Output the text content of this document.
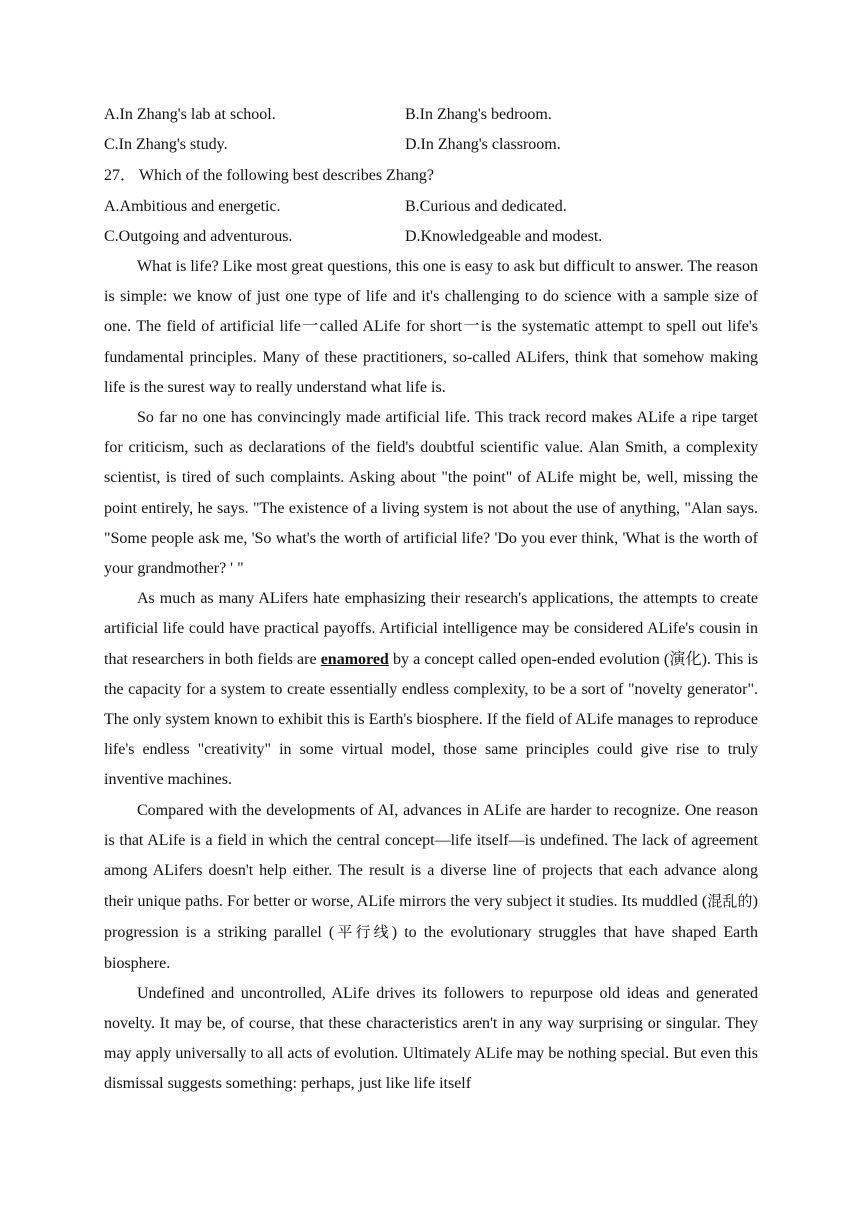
A.In Zhang's lab at school.	B.In Zhang's bedroom.
C.In Zhang's study.	D.In Zhang's classroom.
27． Which of the following best describes Zhang?
A.Ambitious and energetic.	B.Curious and dedicated.
C.Outgoing and adventurous.	D.Knowledgeable and modest.

What is life? Like most great questions, this one is easy to ask but difficult to answer. The reason is simple: we know of just one type of life and it's challenging to do science with a sample size of one. The field of artificial life一called ALife for short一is the systematic attempt to spell out life's fundamental principles. Many of these practitioners, so-called ALifers, think that somehow making life is the surest way to really understand what life is.

So far no one has convincingly made artificial life. This track record makes ALife a ripe target for criticism, such as declarations of the field's doubtful scientific value. Alan Smith, a complexity scientist, is tired of such complaints. Asking about "the point" of ALife might be, well, missing the point entirely, he says. "The existence of a living system is not about the use of anything, "Alan says. "Some people ask me, 'So what's the worth of artificial life? 'Do you ever think, 'What is the worth of your grandmother? ' "

As much as many ALifers hate emphasizing their research's applications, the attempts to create artificial life could have practical payoffs. Artificial intelligence may be considered ALife's cousin in that researchers in both fields are enamored by a concept called open-ended evolution (演化). This is the capacity for a system to create essentially endless complexity, to be a sort of "novelty generator". The only system known to exhibit this is Earth's biosphere. If the field of ALife manages to reproduce life's endless "creativity" in some virtual model, those same principles could give rise to truly inventive machines.

Compared with the developments of AI, advances in ALife are harder to recognize. One reason is that ALife is a field in which the central concept—life itself—is undefined. The lack of agreement among ALifers doesn't help either. The result is a diverse line of projects that each advance along their unique paths. For better or worse, ALife mirrors the very subject it studies. Its muddled (混乱的) progression is a striking parallel (平行线) to the evolutionary struggles that have shaped Earth biosphere.

Undefined and uncontrolled, ALife drives its followers to repurpose old ideas and generated novelty. It may be, of course, that these characteristics aren't in any way surprising or singular. They may apply universally to all acts of evolution. Ultimately ALife may be nothing special. But even this dismissal suggests something: perhaps, just like life itself
